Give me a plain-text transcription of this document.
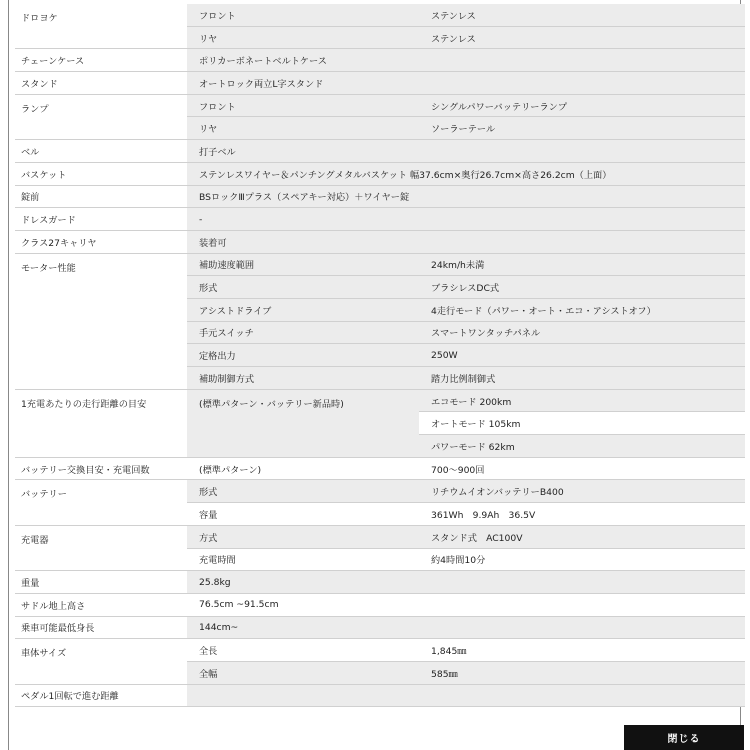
ドロヨケ	フロント	ステンレス
	リヤ	ステンレス
チェーンケース	ポリカーボネートベルトケース	
スタンド	オートロック両立L字スタンド	
ランプ	フロント	シングルパワーバッテリーランプ
	リヤ	ソーラーテール
ベル	打子ベル	
バスケット	ステンレスワイヤー＆パンチングメタルバスケット 幅37.6cm×奥行26.7cm×高さ26.2cm（上面）	
錠前	BSロックⅢプラス（スペアキー対応）＋ワイヤー錠	
ドレスガード	-	
クラス27キャリヤ	装着可	
モーター性能	補助速度範囲	24km/h未満
	形式	ブラシレスDC式
	アシストドライブ	4走行モード（パワー・オート・エコ・アシストオフ）
	手元スイッチ	スマートワンタッチパネル
	定格出力	250W
	補助制御方式	踏力比例制御式
1充電あたりの走行距離の目安	(標準パターン・バッテリー新品時)	エコモード 200km
		オートモード 105km
		パワーモード 62km
バッテリー交換目安・充電回数	(標準パターン)	700～900回
バッテリー	形式	リチウムイオンバッテリーB400
	容量	361Wh　9.9Ah　36.5V
充電器	方式	スタンド式　AC100V
	充電時間	約4時間10分
重量	25.8kg	
サドル地上高さ	76.5cm ~91.5cm	
乗車可能最低身長	144cm~	
車体サイズ	全長	1,845㎜
	全幅	585㎜
ペダル1回転で進む距離		
閉じる
